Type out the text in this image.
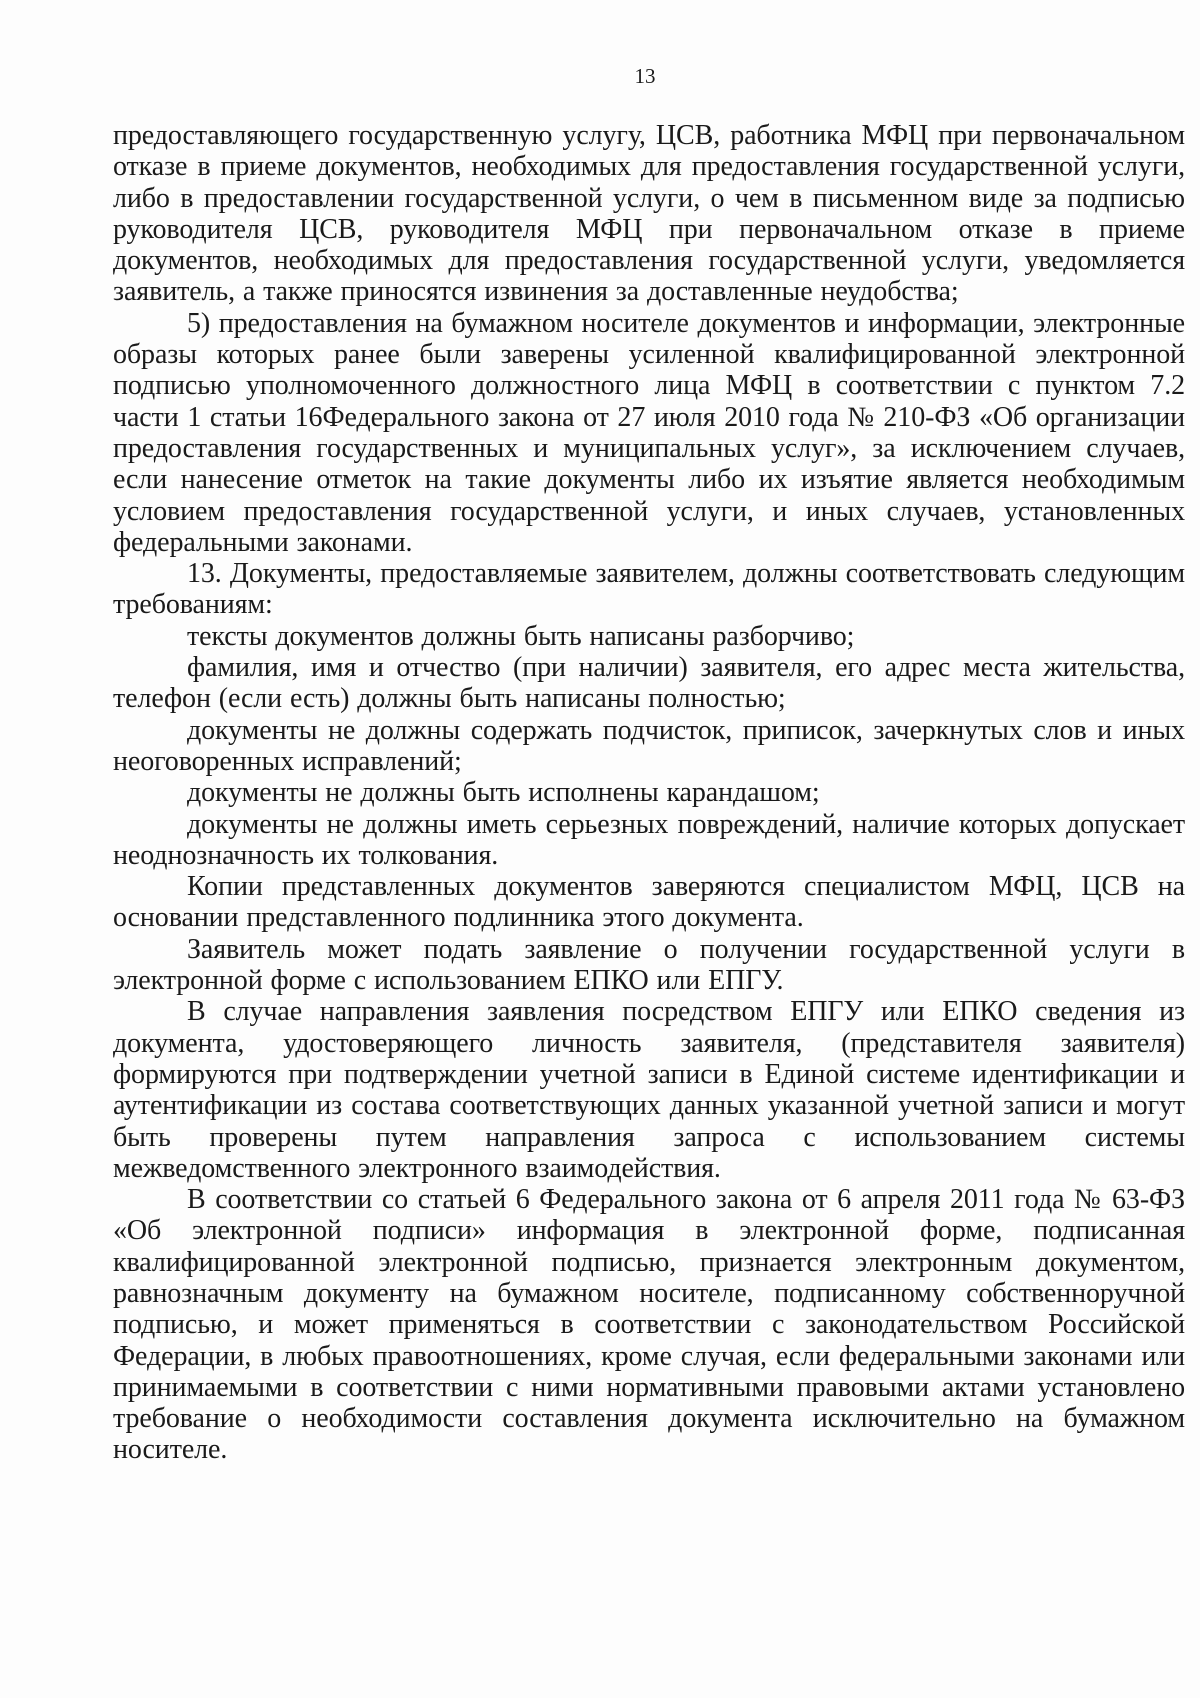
13

предоставляющего государственную услугу, ЦСВ, работника МФЦ при первоначальном отказе в приеме документов, необходимых для предоставления государственной услуги, либо в предоставлении государственной услуги, о чем в письменном виде за подписью руководителя ЦСВ, руководителя МФЦ при первоначальном отказе в приеме документов, необходимых для предоставления государственной услуги, уведомляется заявитель, а также приносятся извинения за доставленные неудобства;

5) предоставления на бумажном носителе документов и информации, электронные образы которых ранее были заверены усиленной квалифицированной электронной подписью уполномоченного должностного лица МФЦ в соответствии с пунктом 7.2 части 1 статьи 16Федерального закона от 27 июля 2010 года № 210-ФЗ «Об организации предоставления государственных и муниципальных услуг», за исключением случаев, если нанесение отметок на такие документы либо их изъятие является необходимым условием предоставления государственной услуги, и иных случаев, установленных федеральными законами.

13. Документы, предоставляемые заявителем, должны соответствовать следующим требованиям:

тексты документов должны быть написаны разборчиво;

фамилия, имя и отчество (при наличии) заявителя, его адрес места жительства, телефон (если есть) должны быть написаны полностью;

документы не должны содержать подчисток, приписок, зачеркнутых слов и иных неоговоренных исправлений;

документы не должны быть исполнены карандашом;

документы не должны иметь серьезных повреждений, наличие которых допускает неоднозначность их толкования.

Копии представленных документов заверяются специалистом МФЦ, ЦСВ на основании представленного подлинника этого документа.

Заявитель может подать заявление о получении государственной услуги в электронной форме с использованием ЕПКО или ЕПГУ.

В случае направления заявления посредством ЕПГУ или ЕПКО сведения из документа, удостоверяющего личность заявителя, (представителя заявителя) формируются при подтверждении учетной записи в Единой системе идентификации и аутентификации из состава соответствующих данных указанной учетной записи и могут быть проверены путем направления запроса с использованием системы межведомственного электронного взаимодействия.

В соответствии со статьей 6 Федерального закона от 6 апреля 2011 года № 63-ФЗ «Об электронной подписи» информация в электронной форме, подписанная квалифицированной электронной подписью, признается электронным документом, равнозначным документу на бумажном носителе, подписанному собственноручной подписью, и может применяться в соответствии с законодательством Российской Федерации, в любых правоотношениях, кроме случая, если федеральными законами или принимаемыми в соответствии с ними нормативными правовыми актами установлено требование о необходимости составления документа исключительно на бумажном носителе.
